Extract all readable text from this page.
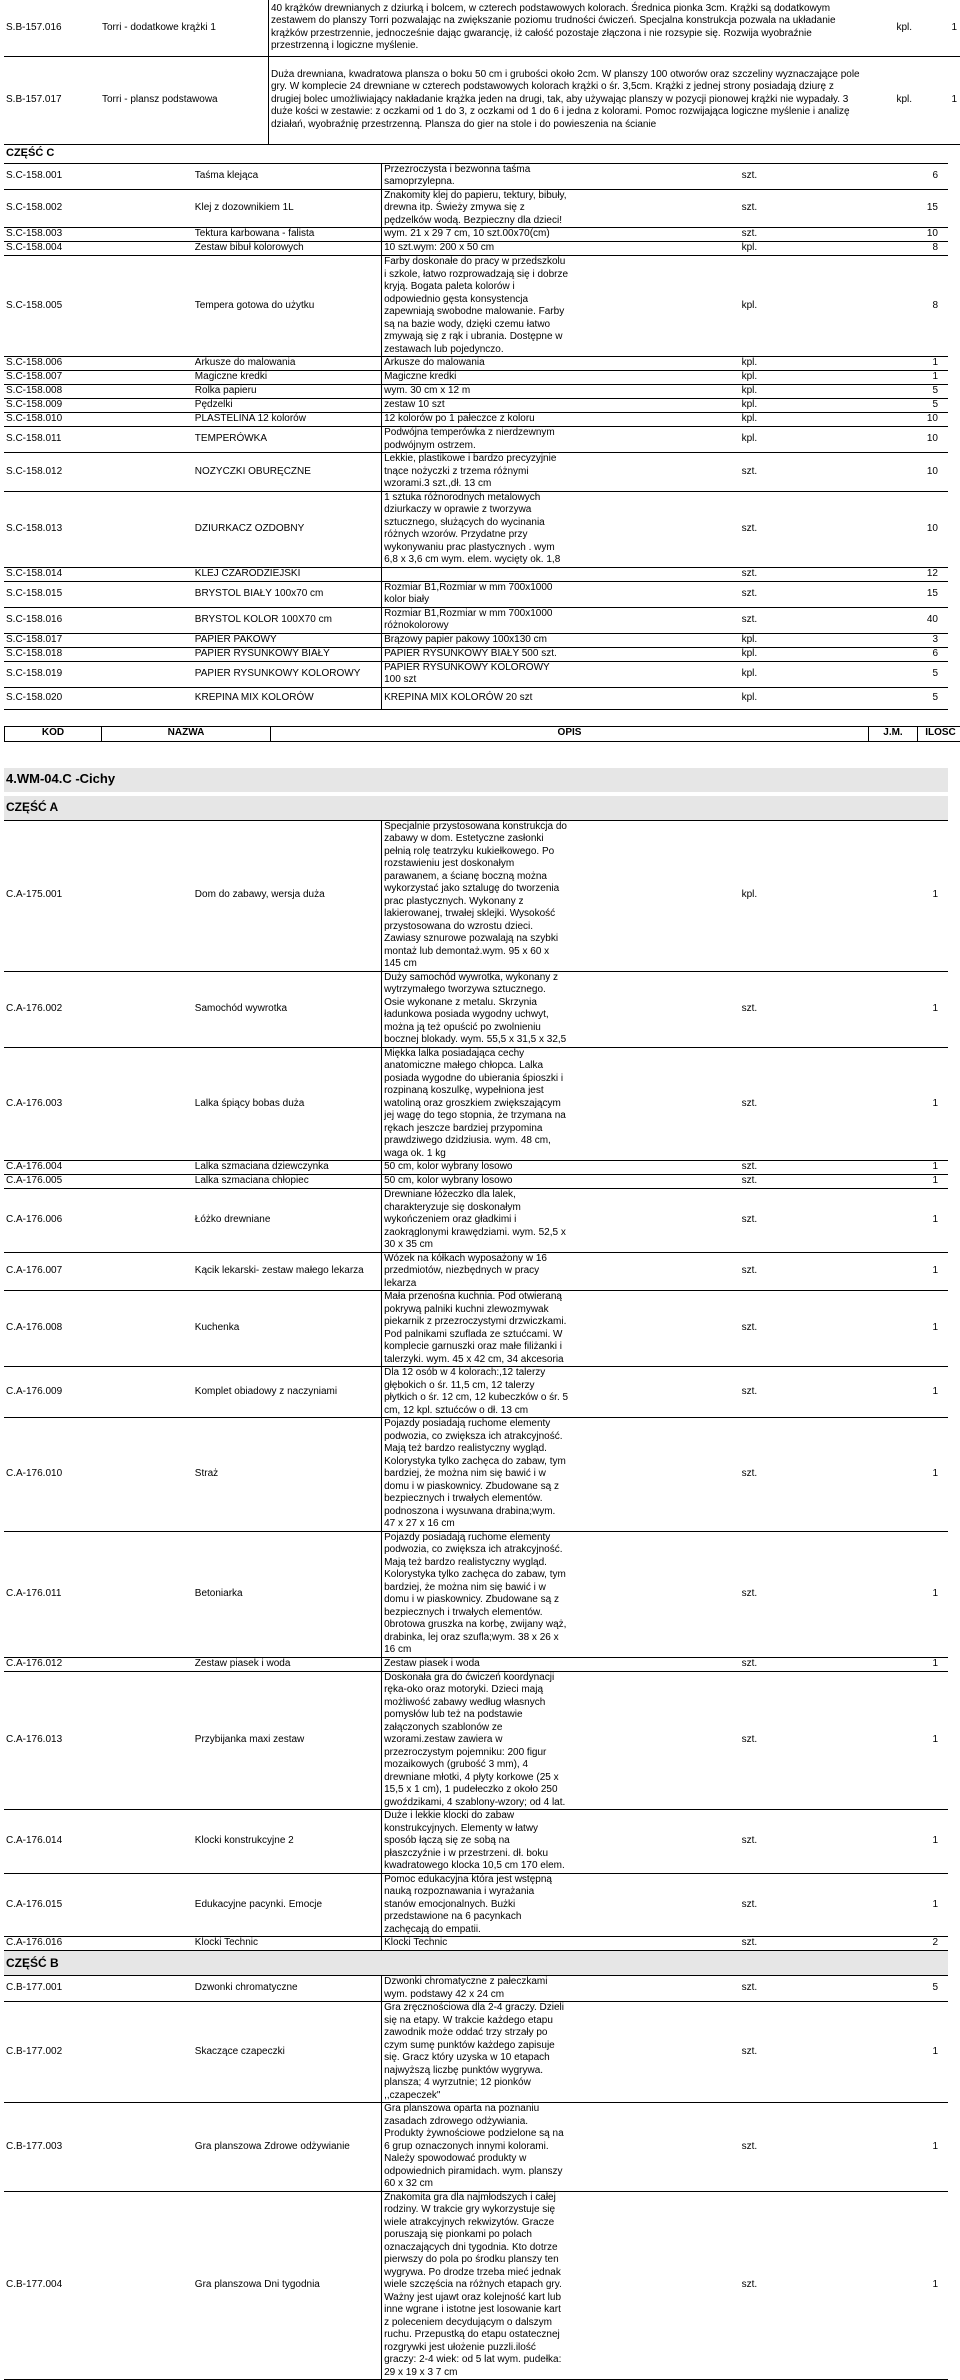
S.B-157.016	Torri - dodatkowe krążki 1	40 krążków drewnianych z dziurką i bolcem, w czterech podstawowych kolorach. Średnica pionka 3cm. Krążki są dodatkowym zestawem do planszy Torri pozwalając na zwiększanie poziomu trudności ćwiczeń. Specjalna konstrukcja pozwala na układanie krążków przestrzennie, jednocześnie dając gwarancję, iż całość pozostaje złączona i nie rozsypie się. Rozwija wyobraźnie przestrzenną i logiczne myślenie.	kpl.	1
S.B-157.017	Torri - plansz podstawowa	Duża drewniana, kwadratowa plansza o boku 50 cm i grubości około 2cm. W planszy 100 otworów oraz szczeliny wyznaczające pole gry. W komplecie 24 drewniane w czterech podstawowych kolorach krążki o śr. 3,5cm. Krążki z jednej strony posiadają dziurę z drugiej bolec umożliwiający nakładanie krążka jeden na drugi, tak, aby używając planszy w pozycji pionowej krążki nie wypadały. 3 duże kości w zestawie: z oczkami od 1 do 3, z oczkami od 1 do 6 i jedna z kolorami. Pomoc rozwijająca logiczne myślenie i analizę działań, wyobraźnię przestrzenną. Plansza do gier na stole i do powieszenia na ścianie	kpl.	1
CZĘŚĆ C				
S.C-158.001	Taśma klejąca	Przezroczysta i bezwonna taśma samoprzylepna.	szt.	6
S.C-158.002	Klej z dozownikiem 1L	Znakomity klej do papieru, tektury, bibuły, drewna itp. Świeży zmywa się z pędzelków wodą. Bezpieczny dla dzieci!	szt.	15
S.C-158.003	Tektura karbowana - falista	wym. 21 x 29 7 cm, 10 szt.00x70(cm)	szt.	10
S.C-158.004	Zestaw bibuł kolorowych	10 szt.wym: 200 x 50 cm	kpl.	8
S.C-158.005	Tempera gotowa do użytku	Farby doskonałe do pracy w przedszkolu i szkole, łatwo rozprowadzają się i dobrze kryją. Bogata paleta kolorów i odpowiednio gęsta konsystencja zapewniają swobodne malowanie. Farby są na bazie wody, dzięki czemu łatwo zmywają się z rąk i ubrania. Dostępne w zestawach lub pojedynczo.	kpl.	8
S.C-158.006	Arkusze do malowania	Arkusze do malowania	kpl.	1
S.C-158.007	Magiczne kredki	Magiczne kredki	kpl.	1
S.C-158.008	Rolka papieru	wym. 30 cm x 12 m	kpl.	5
S.C-158.009	Pędzelki	zestaw 10 szt	kpl.	5
S.C-158.010	PLASTELINA 12 kolorów	12 kolorów po 1 pałeczce z koloru	kpl.	10
S.C-158.011	TEMPERÓWKA	Podwójna temperówka z nierdzewnym podwójnym ostrzem.	kpl.	10
S.C-158.012	NOZYCZKI OBURĘCZNE	Lekkie, plastikowe i bardzo precyzyjnie tnące nożyczki z trzema różnymi wzorami.3 szt.,dł. 13 cm	szt.	10
S.C-158.013	DZIURKACZ OZDOBNY	1 sztuka różnorodnych metalowych dziurkaczy w oprawie z tworzywa sztucznego, służących do wycinania różnych wzorów. Przydatne przy wykonywaniu prac plastycznych . wym 6,8 x 3,6 cm wym. elem. wycięty ok. 1,8	szt.	10
S.C-158.014	KLEJ CZARODZIEJSKI		szt.	12
S.C-158.015	BRYSTOL BIAŁY 100x70 cm	Rozmiar B1,Rozmiar w mm 700x1000 kolor biały	szt.	15
S.C-158.016	BRYSTOL KOLOR 100X70 cm	Rozmiar B1,Rozmiar w mm 700x1000 różnokolorowy	szt.	40
S.C-158.017	PAPIER PAKOWY	Brązowy papier pakowy 100x130 cm	kpl.	3
S.C-158.018	PAPIER RYSUNKOWY BIAŁY	PAPIER RYSUNKOWY BIAŁY 500 szt.	kpl.	6
S.C-158.019	PAPIER RYSUNKOWY KOLOROWY	PAPIER RYSUNKOWY KOLOROWY 100 szt	kpl.	5
S.C-158.020	KREPINA MIX KOLORÓW	KREPINA MIX KOLORÓW 20 szt	kpl.	5
KOD	NAZWA	OPIS	J.M.	ILOSC
4.WM-04.C -Cichy				

CZĘŚĆ A				
C.A-175.001	Dom do zabawy, wersja duża	Specjalnie przystosowana konstrukcja do zabawy w dom. Estetyczne zasłonki pełnią rolę teatrzyku kukiełkowego. Po rozstawieniu jest doskonałym parawanem, a ścianę boczną można wykorzystać jako sztalugę do tworzenia prac plastycznych. Wykonany z lakierowanej, trwałej sklejki. Wysokość przystosowana do wzrostu dzieci. Zawiasy sznurowe pozwalają na szybki montaż lub demontaż.wym. 95 x 60 x 145 cm	kpl.	1
C.A-176.002	Samochód wywrotka	Duży samochód wywrotka, wykonany z wytrzymałego tworzywa sztucznego. Osie wykonane z metalu. Skrzynia ładunkowa posiada wygodny uchwyt, można ją też opuścić po zwolnieniu bocznej blokady. wym. 55,5 x 31,5 x 32,5	szt.	1
C.A-176.003	Lalka śpiący bobas duża	Miękka lalka posiadająca cechy anatomiczne małego chłopca. Lalka posiada wygodne do ubierania śpioszki i rozpinaną koszulkę, wypełniona jest watoliną oraz groszkiem zwiększającym jej wagę do tego stopnia, że trzymana na rękach jeszcze bardziej przypomina prawdziwego dzidziusia. wym. 48 cm, waga ok. 1 kg	szt.	1
C.A-176.004	Lalka szmaciana dziewczynka	50 cm, kolor wybrany losowo	szt.	1
C.A-176.005	Lalka szmaciana chłopiec	50 cm, kolor wybrany losowo	szt.	1
C.A-176.006	Łóżko drewniane	Drewniane łóżeczko dla lalek, charakteryzuje się doskonałym wykończeniem oraz gładkimi i zaokrąglonymi krawędziami. wym. 52,5 x 30 x 35 cm	szt.	1
C.A-176.007	Kącik lekarski- zestaw małego lekarza	Wózek na kółkach wyposażony w 16 przedmiotów, niezbędnych w pracy lekarza	szt.	1
C.A-176.008	Kuchenka	Mała przenośna kuchnia. Pod otwieraną pokrywą palniki kuchni zlewozmywak piekarnik z przezroczystymi drzwiczkami. Pod palnikami szuflada ze sztućcami. W komplecie garnuszki oraz małe filiżanki i talerzyki. wym. 45 x 42 cm, 34 akcesoria	szt.	1
C.A-176.009	Komplet obiadowy z naczyniami	Dla 12 osób w 4 kolorach:,12 talerzy głębokich o śr. 11,5 cm, 12 talerzy płytkich o śr. 12 cm, 12 kubeczków o śr. 5 cm, 12 kpl. sztućców o dł. 13 cm	szt.	1
C.A-176.010	Straż	Pojazdy posiadają ruchome elementy podwozia, co zwiększa ich atrakcyjność. Mają też bardzo realistyczny wygląd. Kolorystyka tylko zachęca do zabaw, tym bardziej, że można nim się bawić i w domu i w piaskownicy. Zbudowane są z bezpiecznych i trwałych elementów. podnoszona i wysuwana drabina;wym. 47 x 27 x 16 cm	szt.	1
C.A-176.011	Betoniarka	Pojazdy posiadają ruchome elementy podwozia, co zwiększa ich atrakcyjność. Mają też bardzo realistyczny wygląd. Kolorystyka tylko zachęca do zabaw, tym bardziej, że można nim się bawić i w domu i w piaskownicy. Zbudowane są z bezpiecznych i trwałych elementów. 0brotowa gruszka na korbę, zwijany wąż, drabinka, lej oraz szufla;wym. 38 x 26 x 16 cm	szt.	1
C.A-176.012	Zestaw piasek i woda	Zestaw piasek i woda	szt.	1
C.A-176.013	Przybijanka maxi zestaw	Doskonała gra do ćwiczeń koordynacji ręka-oko oraz motoryki. Dzieci mają możliwość zabawy według własnych pomysłów lub też na podstawie załączonych szablonów ze wzorami.zestaw zawiera w przezroczystym pojemniku: 200 figur mozaikowych (grubość 3 mm), 4 drewniane młotki, 4 płyty korkowe (25 x 15,5 x 1 cm), 1 pudełeczko z około 250 gwoździkami, 4 szablony-wzory; od 4 lat.	szt.	1
C.A-176.014	Klocki konstrukcyjne 2	Duże i lekkie klocki do zabaw konstrukcyjnych. Elementy w łatwy sposób łączą się ze sobą na płaszczyźnie i w przestrzeni. dł. boku kwadratowego klocka 10,5 cm 170 elem.	szt.	1
C.A-176.015	Edukacyjne pacynki. Emocje	Pomoc edukacyjna która jest wstępną nauką rozpoznawania i wyrażania stanów emocjonalnych. Bużki przedstawione na 6 pacynkach zachęcają do empatii.	szt.	1
C.A-176.016	Klocki Technic	Klocki Technic	szt.	2
CZĘŚĆ B				
C.B-177.001	Dzwonki chromatyczne	Dzwonki chromatyczne z pałeczkami wym. podstawy 42 x 24 cm	szt.	5
C.B-177.002	Skaczące czapeczki	Gra zręcznościowa dla 2-4 graczy. Dzieli się na etapy. W trakcie każdego etapu zawodnik może oddać trzy strzały po czym sumę punktów każdego zapisuje się. Gracz który uzyska w 10 etapach najwyższą liczbę punktów wygrywa. plansza; 4 wyrzutnie; 12 pionków ,,czapeczek"	szt.	1
C.B-177.003	Gra planszowa Zdrowe odżywianie	Gra planszowa oparta na poznaniu zasadach zdrowego odżywiania. Produkty żywnościowe podzielone są na 6 grup oznaczonych innymi kolorami. Należy spowodować produkty w odpowiednich piramidach. wym. planszy 60 x 32 cm	szt.	1
C.B-177.004	Gra planszowa Dni tygodnia	Znakomita gra dla najmłodszych i całej rodziny. W trakcie gry wykorzystuje się wiele atrakcyjnych rekwizytów. Gracze poruszają się pionkami po polach oznaczających dni tygodnia. Kto dotrze pierwszy do pola po środku planszy ten wygrywa. Po drodze trzeba mieć jednak wiele szczęścia na różnych etapach gry. Ważny jest ujawt oraz kolejność kart lub inne wgrane i istotne jest losowanie kart z poleceniem decydującym o dalszym ruchu. Przepustką do etapu ostatecznej rozgrywki jest ułożenie puzzli.ilość graczy: 2-4 wiek: od 5 lat wym. pudełka: 29 x 19 x 3 7 cm	szt.	1
